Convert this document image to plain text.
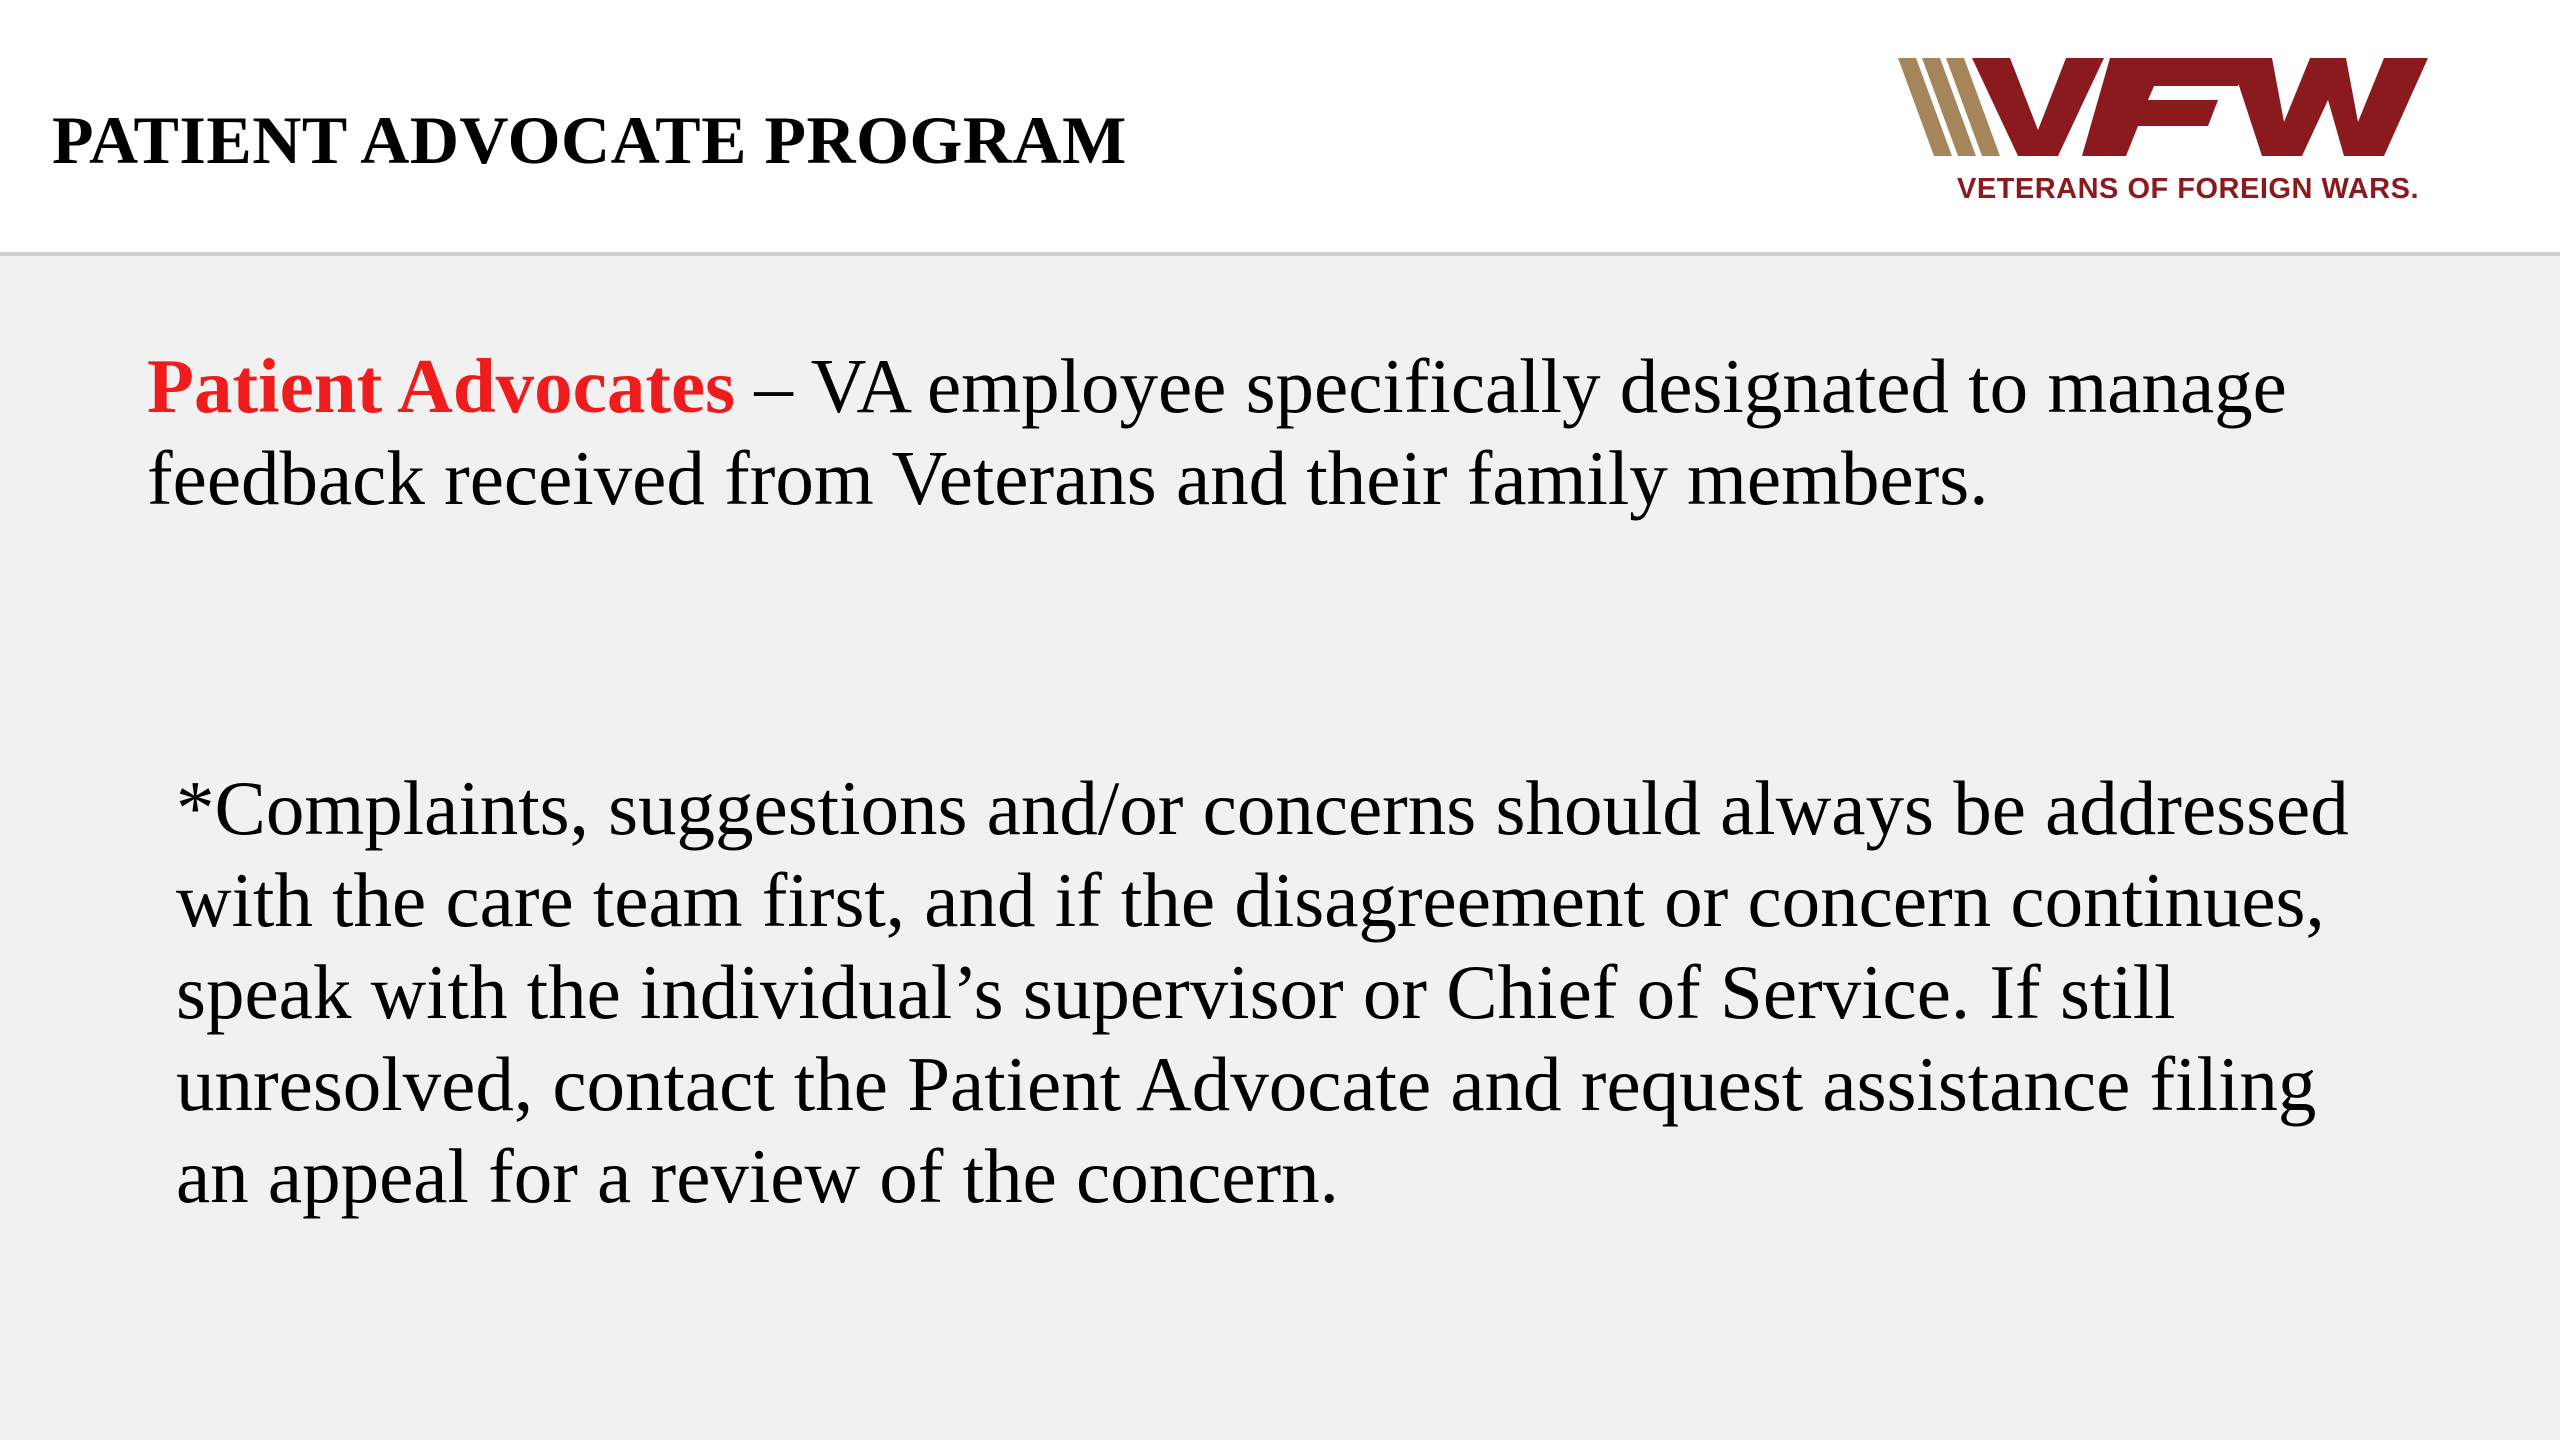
PATIENT ADVOCATE PROGRAM
VETERANS OF FOREIGN WARS.

Patient Advocates – VA employee specifically designated to manage feedback received from Veterans and their family members.

*Complaints, suggestions and/or concerns should always be addressed with the care team first, and if the disagreement or concern continues, speak with the individual’s supervisor or Chief of Service. If still unresolved, contact the Patient Advocate and request assistance filing an appeal for a review of the concern.
